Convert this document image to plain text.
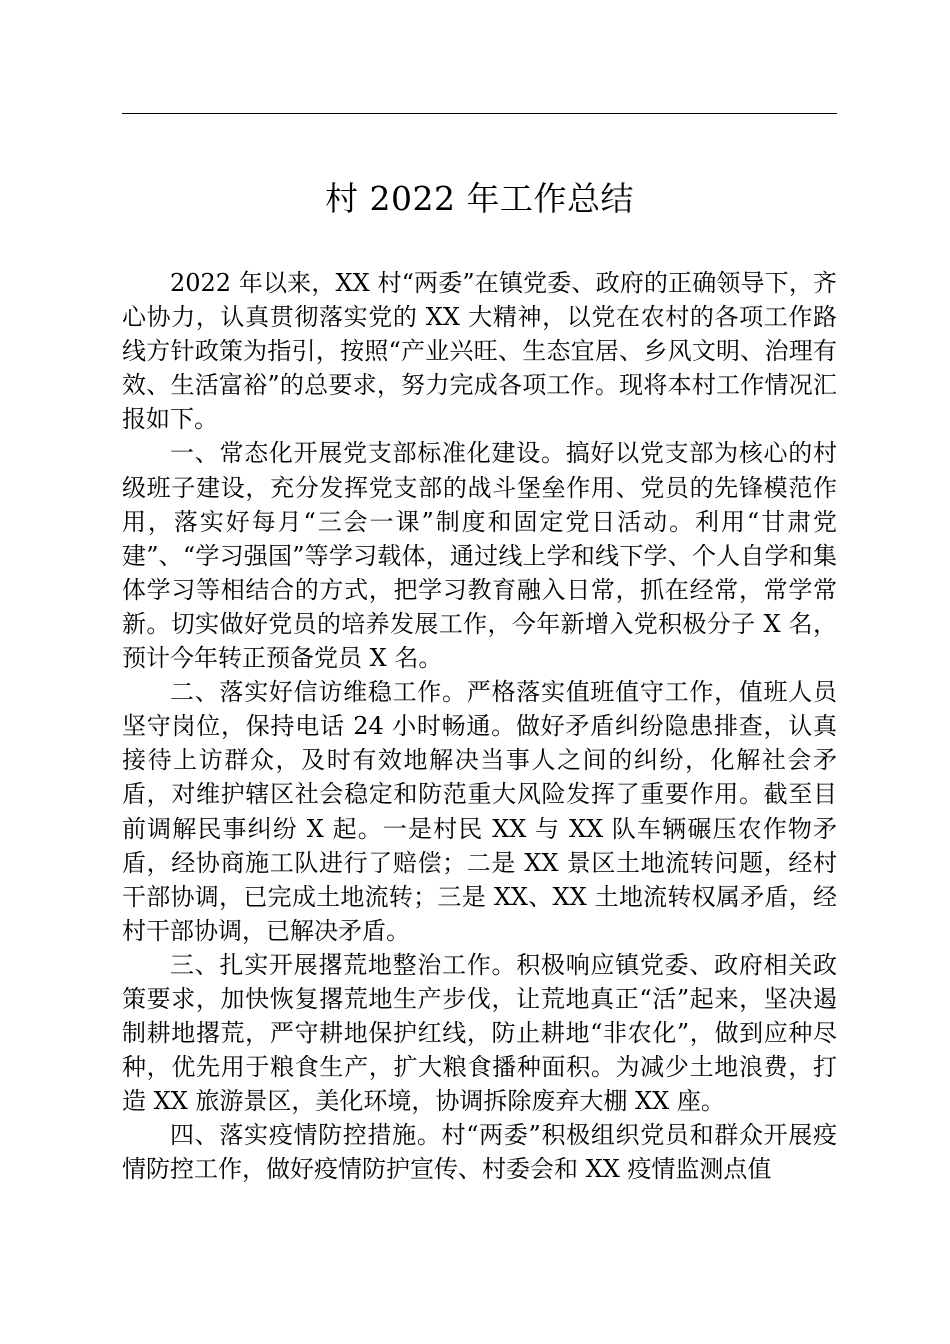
村 2022 年工作总结

2022 年以来，XX 村“两委”在镇党委、政府的正确领导下，齐心协力，认真贯彻落实党的 XX 大精神，以党在农村的各项工作路线方针政策为指引，按照“产业兴旺、生态宜居、乡风文明、治理有效、生活富裕”的总要求，努力完成各项工作。现将本村工作情况汇报如下。

一、常态化开展党支部标准化建设。搞好以党支部为核心的村级班子建设，充分发挥党支部的战斗堡垒作用、党员的先锋模范作用，落实好每月“三会一课”制度和固定党日活动。利用“甘肃党建”、“学习强国”等学习载体，通过线上学和线下学、个人自学和集体学习等相结合的方式，把学习教育融入日常，抓在经常，常学常新。切实做好党员的培养发展工作，今年新增入党积极分子 X 名，预计今年转正预备党员 X 名。

二、落实好信访维稳工作。严格落实值班值守工作，值班人员坚守岗位，保持电话 24 小时畅通。做好矛盾纠纷隐患排查，认真接待上访群众，及时有效地解决当事人之间的纠纷，化解社会矛盾，对维护辖区社会稳定和防范重大风险发挥了重要作用。截至目前调解民事纠纷 X 起。一是村民 XX 与 XX 队车辆碾压农作物矛盾，经协商施工队进行了赔偿；二是 XX 景区土地流转问题，经村干部协调，已完成土地流转；三是 XX、XX 土地流转权属矛盾，经村干部协调，已解决矛盾。

三、扎实开展撂荒地整治工作。积极响应镇党委、政府相关政策要求，加快恢复撂荒地生产步伐，让荒地真正“活”起来，坚决遏制耕地撂荒，严守耕地保护红线，防止耕地“非农化”，做到应种尽种，优先用于粮食生产，扩大粮食播种面积。为减少土地浪费，打造 XX 旅游景区，美化环境，协调拆除废弃大棚 XX 座。

四、落实疫情防控措施。村“两委”积极组织党员和群众开展疫情防控工作，做好疫情防护宣传、村委会和 XX 疫情监测点值
